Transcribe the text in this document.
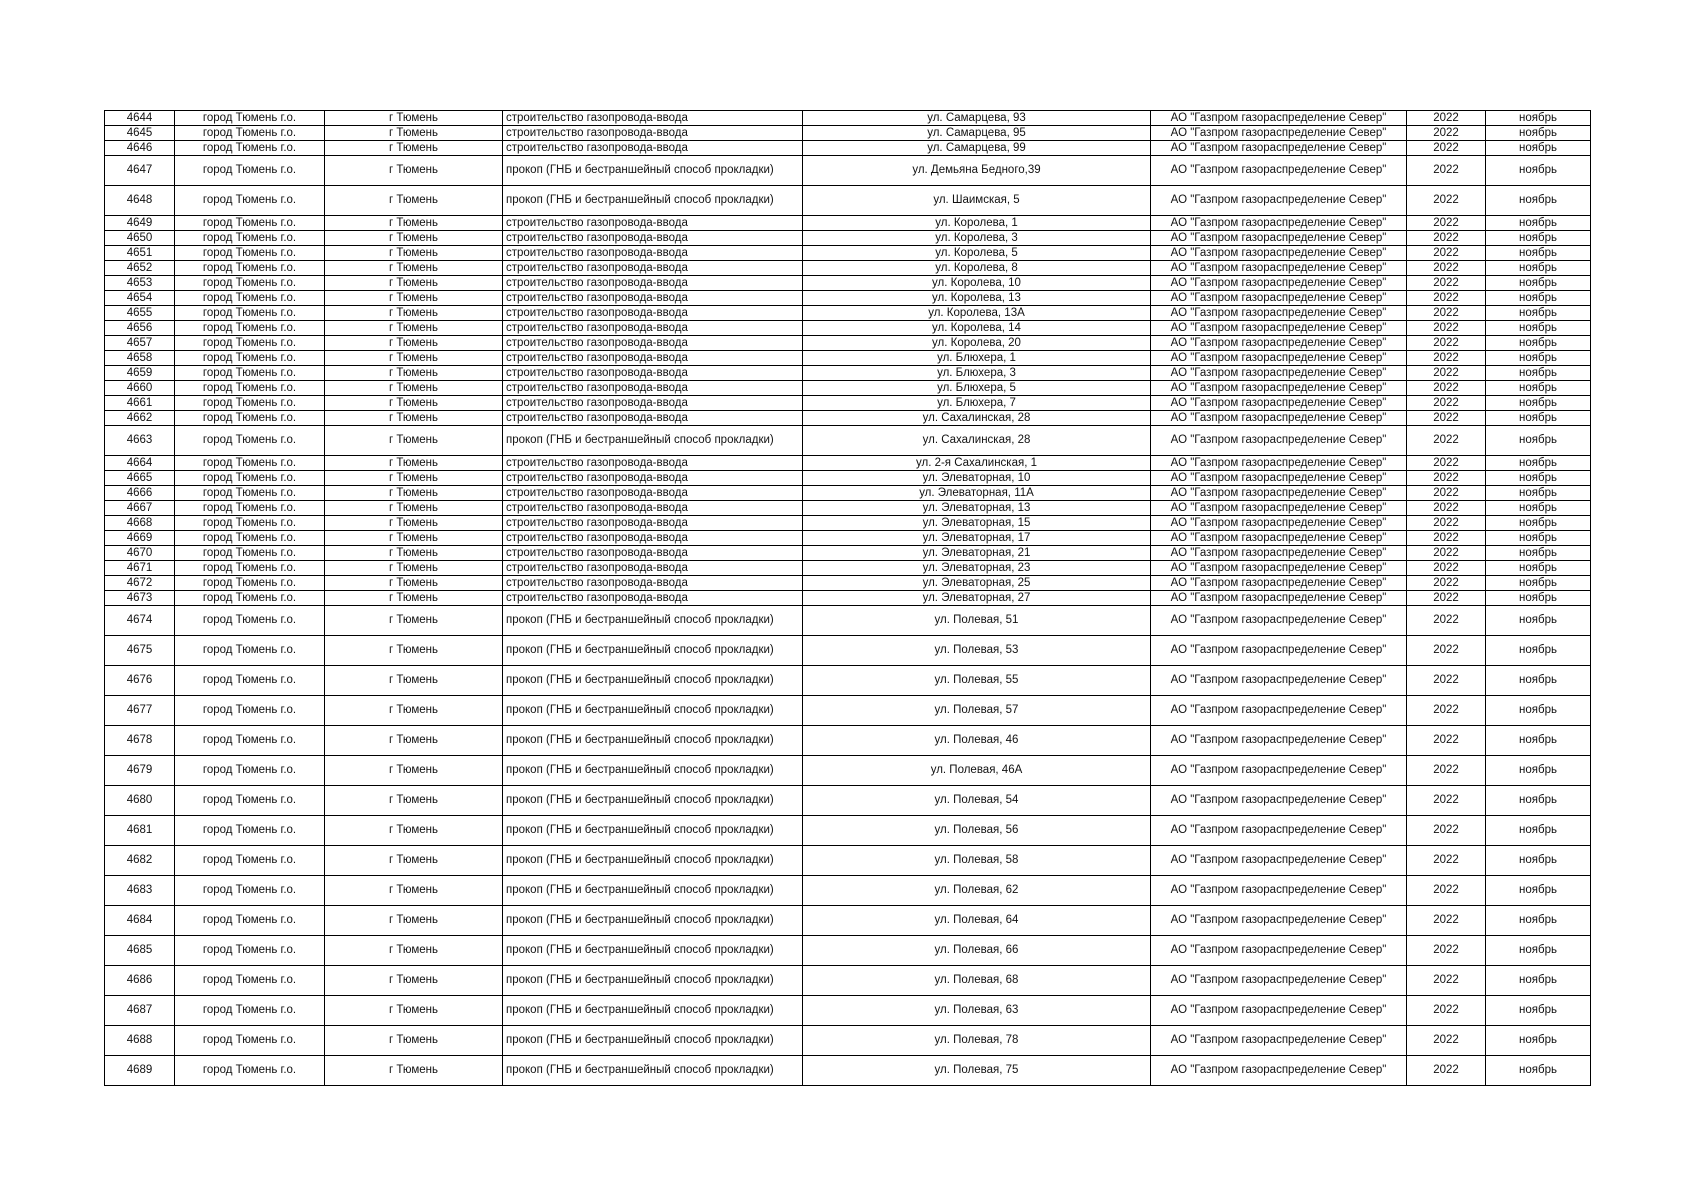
4644	город Тюмень г.о.	г Тюмень	строительство газопровода-ввода	ул. Самарцева, 93	АО "Газпром газораспределение Север"	2022	ноябрь
4645	город Тюмень г.о.	г Тюмень	строительство газопровода-ввода	ул. Самарцева, 95	АО "Газпром газораспределение Север"	2022	ноябрь
4646	город Тюмень г.о.	г Тюмень	строительство газопровода-ввода	ул. Самарцева, 99	АО "Газпром газораспределение Север"	2022	ноябрь
4647	город Тюмень г.о.	г Тюмень	прокоп (ГНБ и бестраншейный способ прокладки)	ул. Демьяна Бедного,39	АО "Газпром газораспределение Север"	2022	ноябрь
4648	город Тюмень г.о.	г Тюмень	прокоп (ГНБ и бестраншейный способ прокладки)	ул. Шаимская, 5	АО "Газпром газораспределение Север"	2022	ноябрь
4649	город Тюмень г.о.	г Тюмень	строительство газопровода-ввода	ул. Королева, 1	АО "Газпром газораспределение Север"	2022	ноябрь
4650	город Тюмень г.о.	г Тюмень	строительство газопровода-ввода	ул. Королева, 3	АО "Газпром газораспределение Север"	2022	ноябрь
4651	город Тюмень г.о.	г Тюмень	строительство газопровода-ввода	ул. Королева, 5	АО "Газпром газораспределение Север"	2022	ноябрь
4652	город Тюмень г.о.	г Тюмень	строительство газопровода-ввода	ул. Королева, 8	АО "Газпром газораспределение Север"	2022	ноябрь
4653	город Тюмень г.о.	г Тюмень	строительство газопровода-ввода	ул. Королева, 10	АО "Газпром газораспределение Север"	2022	ноябрь
4654	город Тюмень г.о.	г Тюмень	строительство газопровода-ввода	ул. Королева, 13	АО "Газпром газораспределение Север"	2022	ноябрь
4655	город Тюмень г.о.	г Тюмень	строительство газопровода-ввода	ул. Королева, 13А	АО "Газпром газораспределение Север"	2022	ноябрь
4656	город Тюмень г.о.	г Тюмень	строительство газопровода-ввода	ул. Королева, 14	АО "Газпром газораспределение Север"	2022	ноябрь
4657	город Тюмень г.о.	г Тюмень	строительство газопровода-ввода	ул. Королева, 20	АО "Газпром газораспределение Север"	2022	ноябрь
4658	город Тюмень г.о.	г Тюмень	строительство газопровода-ввода	ул. Блюхера, 1	АО "Газпром газораспределение Север"	2022	ноябрь
4659	город Тюмень г.о.	г Тюмень	строительство газопровода-ввода	ул. Блюхера, 3	АО "Газпром газораспределение Север"	2022	ноябрь
4660	город Тюмень г.о.	г Тюмень	строительство газопровода-ввода	ул. Блюхера, 5	АО "Газпром газораспределение Север"	2022	ноябрь
4661	город Тюмень г.о.	г Тюмень	строительство газопровода-ввода	ул. Блюхера, 7	АО "Газпром газораспределение Север"	2022	ноябрь
4662	город Тюмень г.о.	г Тюмень	строительство газопровода-ввода	ул. Сахалинская, 28	АО "Газпром газораспределение Север"	2022	ноябрь
4663	город Тюмень г.о.	г Тюмень	прокоп (ГНБ и бестраншейный способ прокладки)	ул. Сахалинская, 28	АО "Газпром газораспределение Север"	2022	ноябрь
4664	город Тюмень г.о.	г Тюмень	строительство газопровода-ввода	ул. 2-я Сахалинская, 1	АО "Газпром газораспределение Север"	2022	ноябрь
4665	город Тюмень г.о.	г Тюмень	строительство газопровода-ввода	ул. Элеваторная, 10	АО "Газпром газораспределение Север"	2022	ноябрь
4666	город Тюмень г.о.	г Тюмень	строительство газопровода-ввода	ул. Элеваторная, 11А	АО "Газпром газораспределение Север"	2022	ноябрь
4667	город Тюмень г.о.	г Тюмень	строительство газопровода-ввода	ул. Элеваторная, 13	АО "Газпром газораспределение Север"	2022	ноябрь
4668	город Тюмень г.о.	г Тюмень	строительство газопровода-ввода	ул. Элеваторная, 15	АО "Газпром газораспределение Север"	2022	ноябрь
4669	город Тюмень г.о.	г Тюмень	строительство газопровода-ввода	ул. Элеваторная, 17	АО "Газпром газораспределение Север"	2022	ноябрь
4670	город Тюмень г.о.	г Тюмень	строительство газопровода-ввода	ул. Элеваторная, 21	АО "Газпром газораспределение Север"	2022	ноябрь
4671	город Тюмень г.о.	г Тюмень	строительство газопровода-ввода	ул. Элеваторная, 23	АО "Газпром газораспределение Север"	2022	ноябрь
4672	город Тюмень г.о.	г Тюмень	строительство газопровода-ввода	ул. Элеваторная, 25	АО "Газпром газораспределение Север"	2022	ноябрь
4673	город Тюмень г.о.	г Тюмень	строительство газопровода-ввода	ул. Элеваторная, 27	АО "Газпром газораспределение Север"	2022	ноябрь
4674	город Тюмень г.о.	г Тюмень	прокоп (ГНБ и бестраншейный способ прокладки)	ул. Полевая, 51	АО "Газпром газораспределение Север"	2022	ноябрь
4675	город Тюмень г.о.	г Тюмень	прокоп (ГНБ и бестраншейный способ прокладки)	ул. Полевая, 53	АО "Газпром газораспределение Север"	2022	ноябрь
4676	город Тюмень г.о.	г Тюмень	прокоп (ГНБ и бестраншейный способ прокладки)	ул. Полевая, 55	АО "Газпром газораспределение Север"	2022	ноябрь
4677	город Тюмень г.о.	г Тюмень	прокоп (ГНБ и бестраншейный способ прокладки)	ул. Полевая, 57	АО "Газпром газораспределение Север"	2022	ноябрь
4678	город Тюмень г.о.	г Тюмень	прокоп (ГНБ и бестраншейный способ прокладки)	ул. Полевая, 46	АО "Газпром газораспределение Север"	2022	ноябрь
4679	город Тюмень г.о.	г Тюмень	прокоп (ГНБ и бестраншейный способ прокладки)	ул. Полевая, 46А	АО "Газпром газораспределение Север"	2022	ноябрь
4680	город Тюмень г.о.	г Тюмень	прокоп (ГНБ и бестраншейный способ прокладки)	ул. Полевая, 54	АО "Газпром газораспределение Север"	2022	ноябрь
4681	город Тюмень г.о.	г Тюмень	прокоп (ГНБ и бестраншейный способ прокладки)	ул. Полевая, 56	АО "Газпром газораспределение Север"	2022	ноябрь
4682	город Тюмень г.о.	г Тюмень	прокоп (ГНБ и бестраншейный способ прокладки)	ул. Полевая, 58	АО "Газпром газораспределение Север"	2022	ноябрь
4683	город Тюмень г.о.	г Тюмень	прокоп (ГНБ и бестраншейный способ прокладки)	ул. Полевая, 62	АО "Газпром газораспределение Север"	2022	ноябрь
4684	город Тюмень г.о.	г Тюмень	прокоп (ГНБ и бестраншейный способ прокладки)	ул. Полевая, 64	АО "Газпром газораспределение Север"	2022	ноябрь
4685	город Тюмень г.о.	г Тюмень	прокоп (ГНБ и бестраншейный способ прокладки)	ул. Полевая, 66	АО "Газпром газораспределение Север"	2022	ноябрь
4686	город Тюмень г.о.	г Тюмень	прокоп (ГНБ и бестраншейный способ прокладки)	ул. Полевая, 68	АО "Газпром газораспределение Север"	2022	ноябрь
4687	город Тюмень г.о.	г Тюмень	прокоп (ГНБ и бестраншейный способ прокладки)	ул. Полевая, 63	АО "Газпром газораспределение Север"	2022	ноябрь
4688	город Тюмень г.о.	г Тюмень	прокоп (ГНБ и бестраншейный способ прокладки)	ул. Полевая, 78	АО "Газпром газораспределение Север"	2022	ноябрь
4689	город Тюмень г.о.	г Тюмень	прокоп (ГНБ и бестраншейный способ прокладки)	ул. Полевая, 75	АО "Газпром газораспределение Север"	2022	ноябрь
